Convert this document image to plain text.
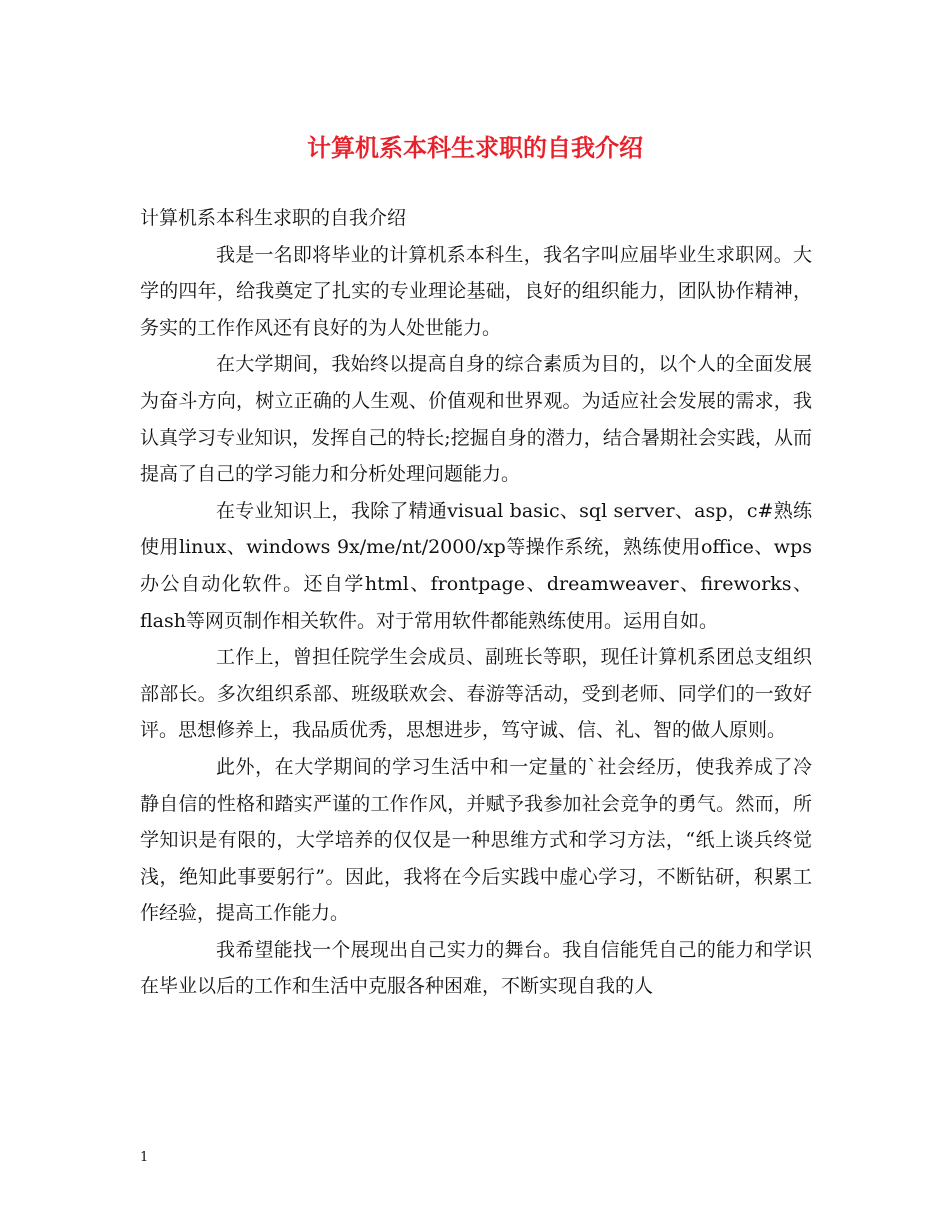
计算机系本科生求职的自我介绍

计算机系本科生求职的自我介绍

我是一名即将毕业的计算机系本科生，我名字叫应届毕业生求职网。大学的四年，给我奠定了扎实的专业理论基础，良好的组织能力，团队协作精神，务实的工作作风还有良好的为人处世能力。

在大学期间，我始终以提高自身的综合素质为目的，以个人的全面发展为奋斗方向，树立正确的人生观、价值观和世界观。为适应社会发展的需求，我认真学习专业知识，发挥自己的特长;挖掘自身的潜力，结合暑期社会实践，从而提高了自己的学习能力和分析处理问题能力。

在专业知识上，我除了精通visual basic、sql server、asp，c#熟练使用linux、windows 9x/me/nt/2000/xp等操作系统，熟练使用office、wps办公自动化软件。还自学html、frontpage、dreamweaver、fireworks、flash等网页制作相关软件。对于常用软件都能熟练使用。运用自如。

工作上，曾担任院学生会成员、副班长等职，现任计算机系团总支组织部部长。多次组织系部、班级联欢会、春游等活动，受到老师、同学们的一致好评。思想修养上，我品质优秀，思想进步，笃守诚、信、礼、智的做人原则。

此外，在大学期间的学习生活中和一定量的`社会经历，使我养成了冷静自信的性格和踏实严谨的工作作风，并赋予我参加社会竞争的勇气。然而，所学知识是有限的，大学培养的仅仅是一种思维方式和学习方法，“纸上谈兵终觉浅，绝知此事要躬行”。因此，我将在今后实践中虚心学习，不断钻研，积累工作经验，提高工作能力。

我希望能找一个展现出自己实力的舞台。我自信能凭自己的能力和学识在毕业以后的工作和生活中克服各种困难，不断实现自我的人

1
